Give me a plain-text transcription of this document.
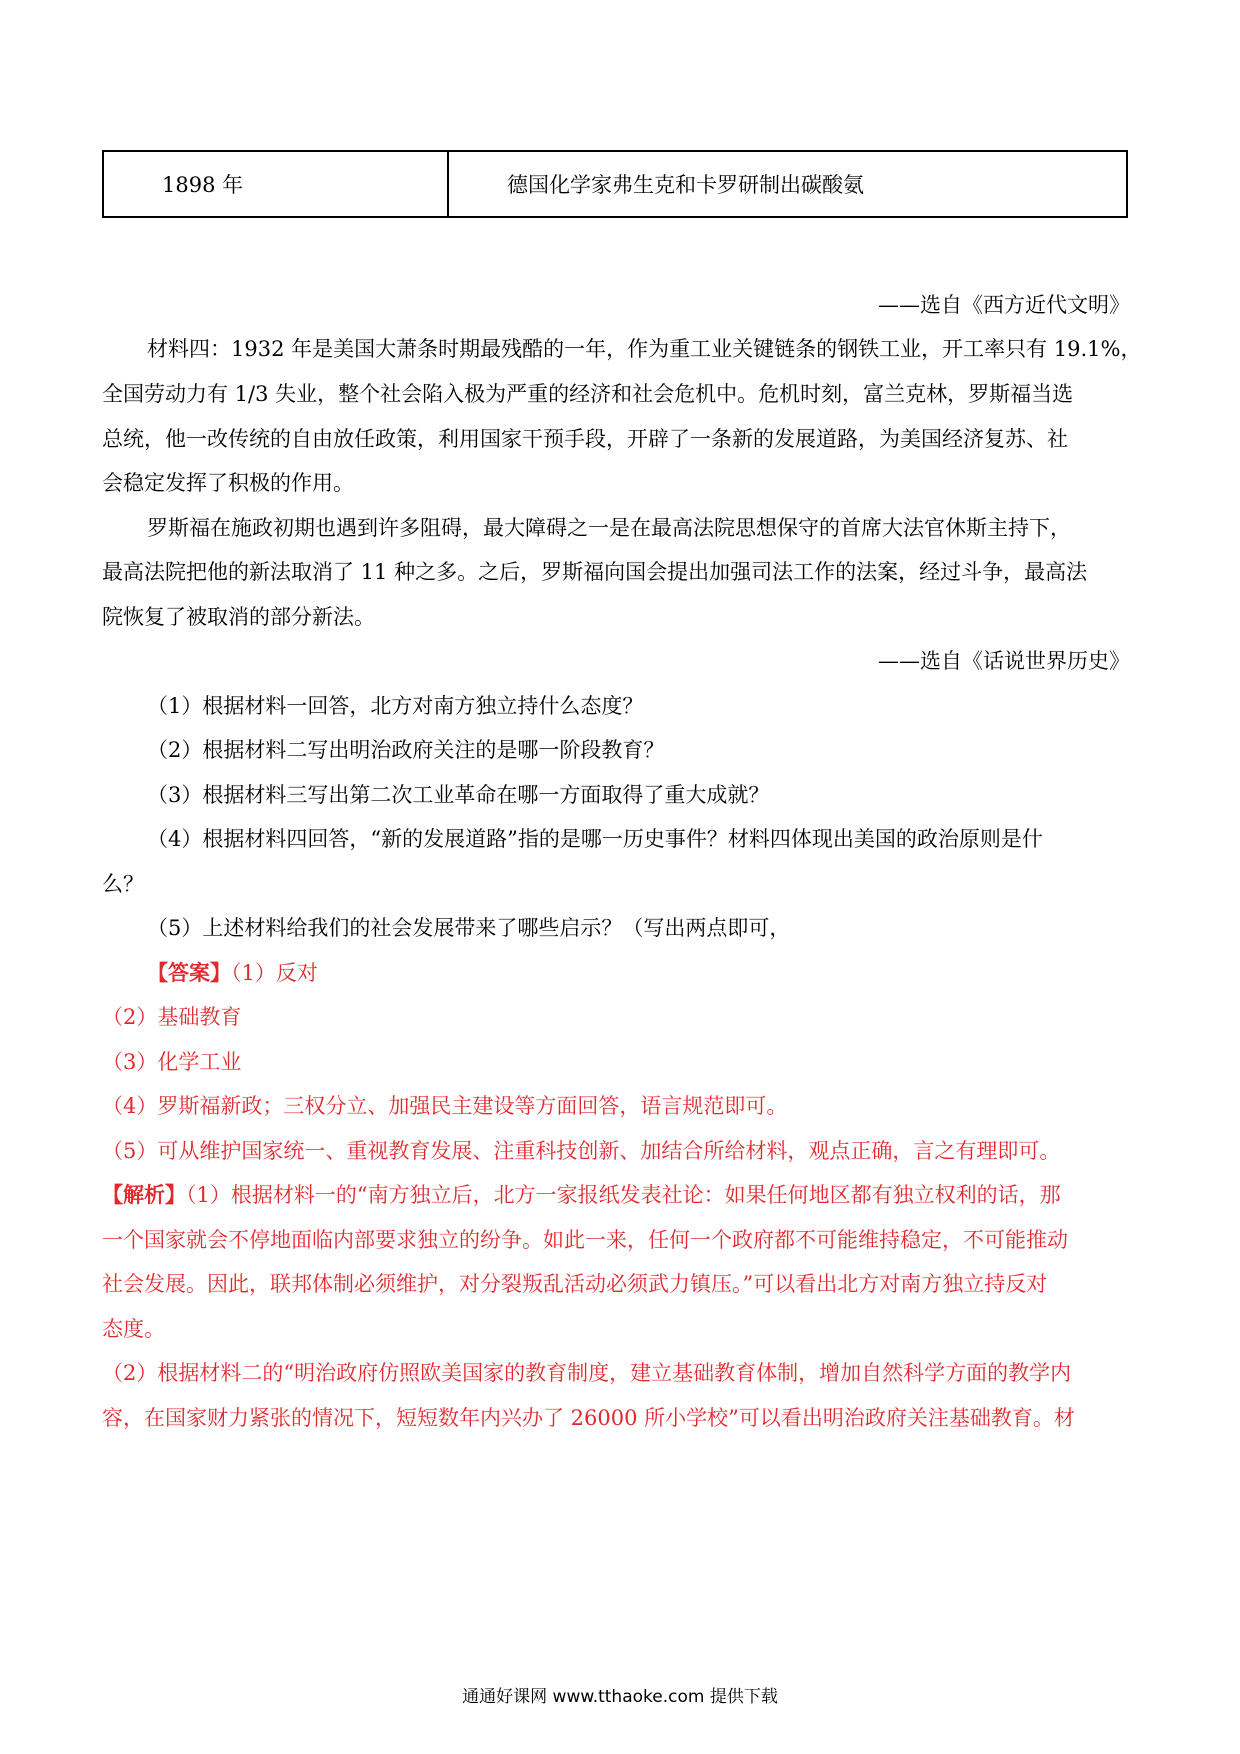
1898 年	德国化学家弗生克和卡罗研制出碳酸氨
——选自《西方近代文明》
材料四：1932 年是美国大萧条时期最残酷的一年，作为重工业关键链条的钢铁工业，开工率只有 19.1%，
全国劳动力有 1/3 失业，整个社会陷入极为严重的经济和社会危机中。危机时刻，富兰克林，罗斯福当选
总统，他一改传统的自由放任政策，利用国家干预手段，开辟了一条新的发展道路，为美国经济复苏、社
会稳定发挥了积极的作用。
罗斯福在施政初期也遇到许多阻碍，最大障碍之一是在最高法院思想保守的首席大法官休斯主持下，
最高法院把他的新法取消了 11 种之多。之后，罗斯福向国会提出加强司法工作的法案，经过斗争，最高法
院恢复了被取消的部分新法。
——选自《话说世界历史》
（1）根据材料一回答，北方对南方独立持什么态度？
（2）根据材料二写出明治政府关注的是哪一阶段教育？
（3）根据材料三写出第二次工业革命在哪一方面取得了重大成就？
（4）根据材料四回答，“新的发展道路”指的是哪一历史事件？材料四体现出美国的政治原则是什
么？
（5）上述材料给我们的社会发展带来了哪些启示？（写出两点即可，
【答案】（1）反对
（2）基础教育
（3）化学工业
（4）罗斯福新政；三权分立、加强民主建设等方面回答，语言规范即可。
（5）可从维护国家统一、重视教育发展、注重科技创新、加结合所给材料，观点正确，言之有理即可。
【解析】（1）根据材料一的“南方独立后，北方一家报纸发表社论：如果任何地区都有独立权利的话，那
一个国家就会不停地面临内部要求独立的纷争。如此一来，任何一个政府都不可能维持稳定，不可能推动
社会发展。因此，联邦体制必须维护，对分裂叛乱活动必须武力镇压。”可以看出北方对南方独立持反对
态度。
（2）根据材料二的“明治政府仿照欧美国家的教育制度，建立基础教育体制，增加自然科学方面的教学内
容，在国家财力紧张的情况下，短短数年内兴办了 26000 所小学校”可以看出明治政府关注基础教育。材
通通好课网 www.tthaoke.com 提供下载
